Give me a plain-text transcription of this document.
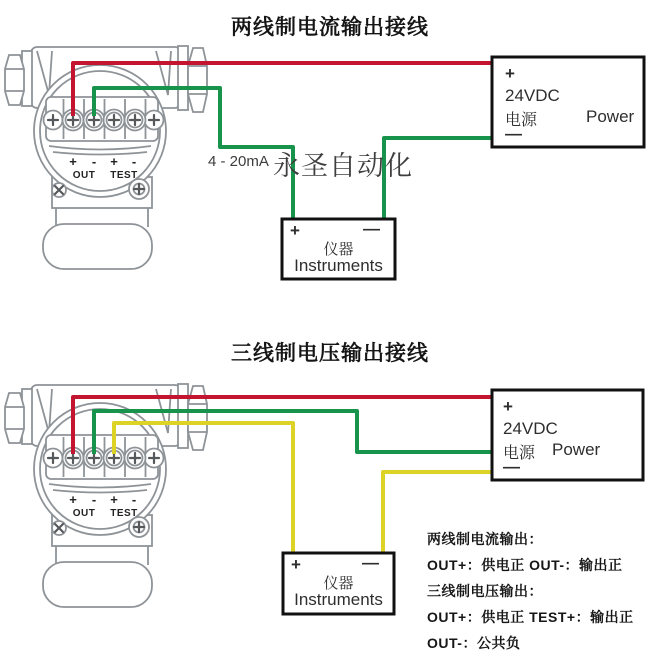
两线制电流输出接线
三线制电压输出接线
+
24VDC
电源	Power
—
+	—
仪器
Instruments
4 - 20mA 永圣自动化
+
24VDC
电源 Power
—
+	—
仪器
Instruments
两线制电流输出：
OUT+：供电正 OUT-：输出正
三线制电压输出：
OUT+：供电正 TEST+：输出正
OUT-：公共负
